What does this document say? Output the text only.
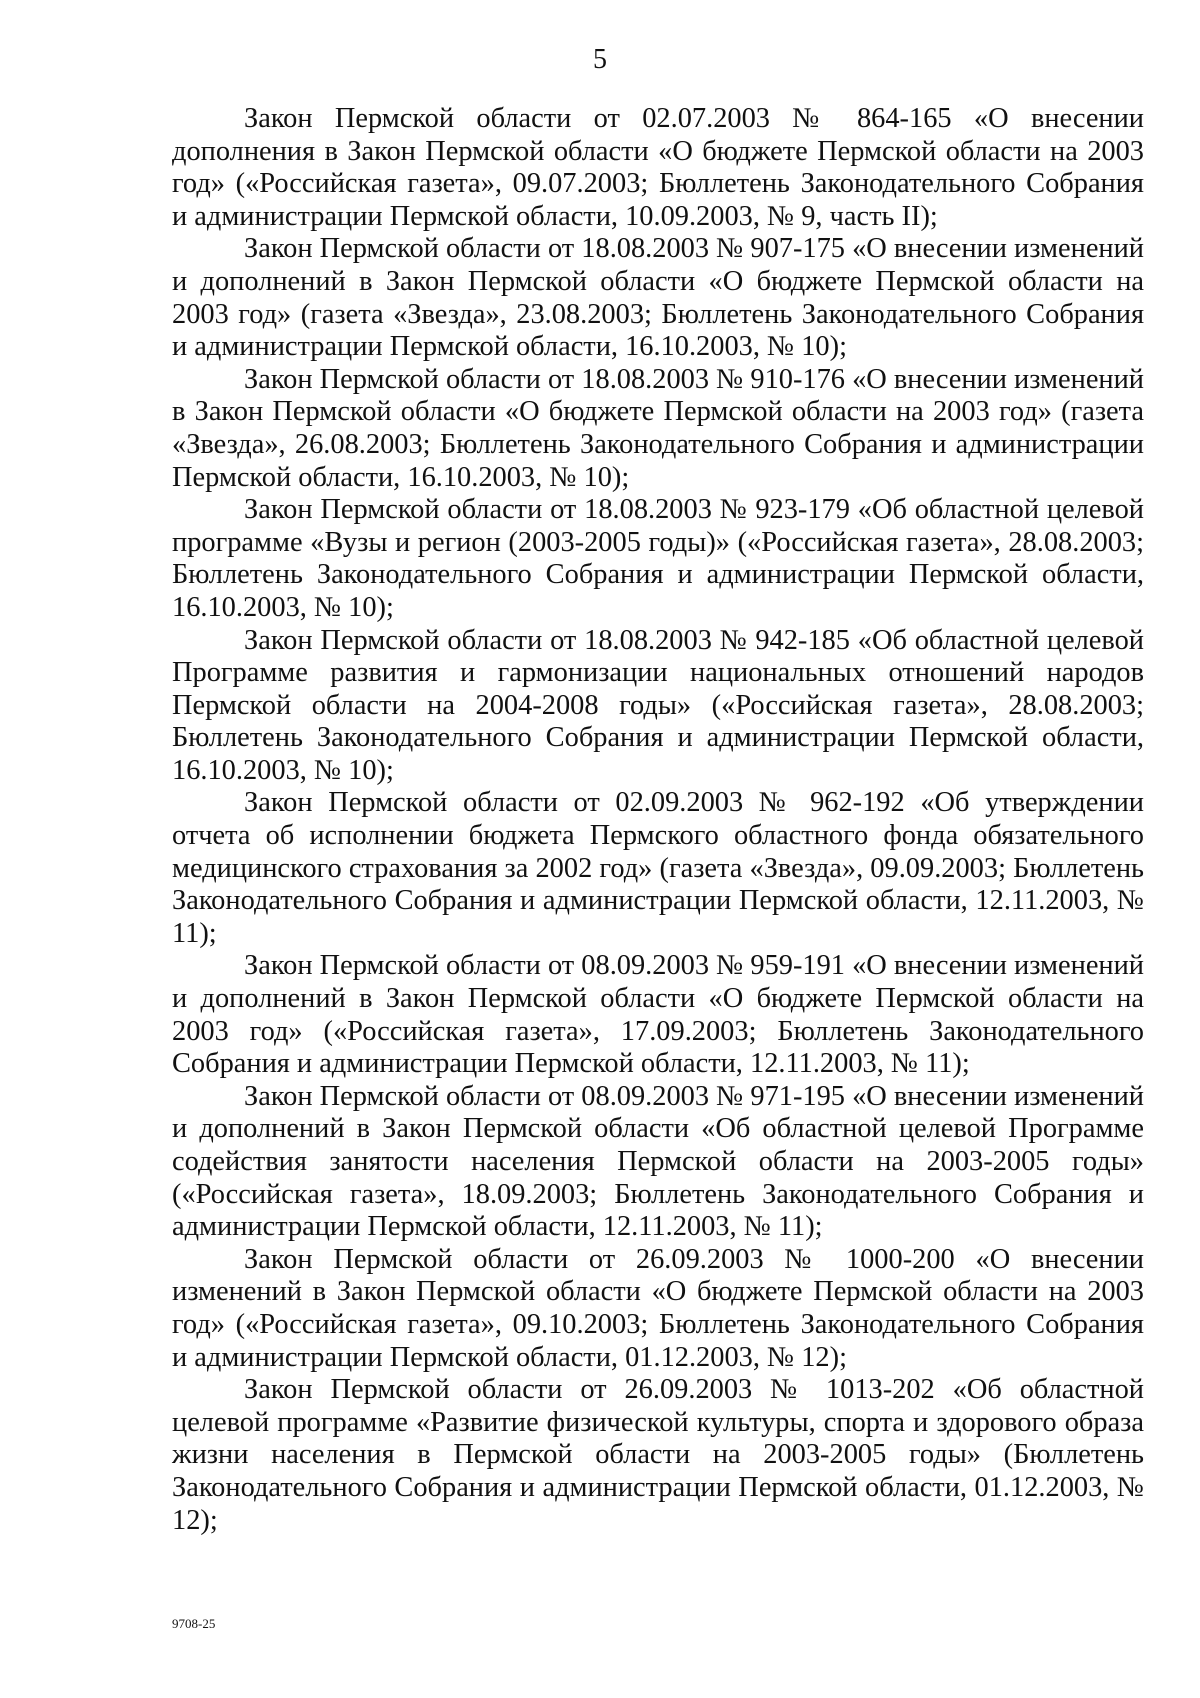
5

Закон Пермской области от 02.07.2003 № 864-165 «О внесении дополнения в Закон Пермской области «О бюджете Пермской области на 2003 год» («Российская газета», 09.07.2003; Бюллетень Законодательного Собрания и администрации Пермской области, 10.09.2003, № 9, часть II);

Закон Пермской области от 18.08.2003 № 907-175 «О внесении изменений и дополнений в Закон Пермской области «О бюджете Пермской области на 2003 год» (газета «Звезда», 23.08.2003; Бюллетень Законодательного Собрания и администрации Пермской области, 16.10.2003, № 10);

Закон Пермской области от 18.08.2003 № 910-176 «О внесении изменений в Закон Пермской области «О бюджете Пермской области на 2003 год» (газета «Звезда», 26.08.2003; Бюллетень Законодательного Собрания и администрации Пермской области, 16.10.2003, № 10);

Закон Пермской области от 18.08.2003 № 923-179 «Об областной целевой программе «Вузы и регион (2003-2005 годы)» («Российская газета», 28.08.2003; Бюллетень Законодательного Собрания и администрации Пермской области, 16.10.2003, № 10);

Закон Пермской области от 18.08.2003 № 942-185 «Об областной целевой Программе развития и гармонизации национальных отношений народов Пермской области на 2004-2008 годы» («Российская газета», 28.08.2003; Бюллетень Законодательного Собрания и администрации Пермской области, 16.10.2003, № 10);

Закон Пермской области от 02.09.2003 № 962-192 «Об утверждении отчета об исполнении бюджета Пермского областного фонда обязательного медицинского страхования за 2002 год» (газета «Звезда», 09.09.2003; Бюллетень Законодательного Собрания и администрации Пермской области, 12.11.2003, № 11);

Закон Пермской области от 08.09.2003 № 959-191 «О внесении изменений и дополнений в Закон Пермской области «О бюджете Пермской области на 2003 год» («Российская газета», 17.09.2003; Бюллетень Законодательного Собрания и администрации Пермской области, 12.11.2003, № 11);

Закон Пермской области от 08.09.2003 № 971-195 «О внесении изменений и дополнений в Закон Пермской области «Об областной целевой Программе содействия занятости населения Пермской области на 2003-2005 годы» («Российская газета», 18.09.2003; Бюллетень Законодательного Собрания и администрации Пермской области, 12.11.2003, № 11);

Закон Пермской области от 26.09.2003 № 1000-200 «О внесении изменений в Закон Пермской области «О бюджете Пермской области на 2003 год» («Российская газета», 09.10.2003; Бюллетень Законодательного Собрания и администрации Пермской области, 01.12.2003, № 12);

Закон Пермской области от 26.09.2003 № 1013-202 «Об областной целевой программе «Развитие физической культуры, спорта и здорового образа жизни населения в Пермской области на 2003-2005 годы» (Бюллетень Законодательного Собрания и администрации Пермской области, 01.12.2003, № 12);

9708-25
